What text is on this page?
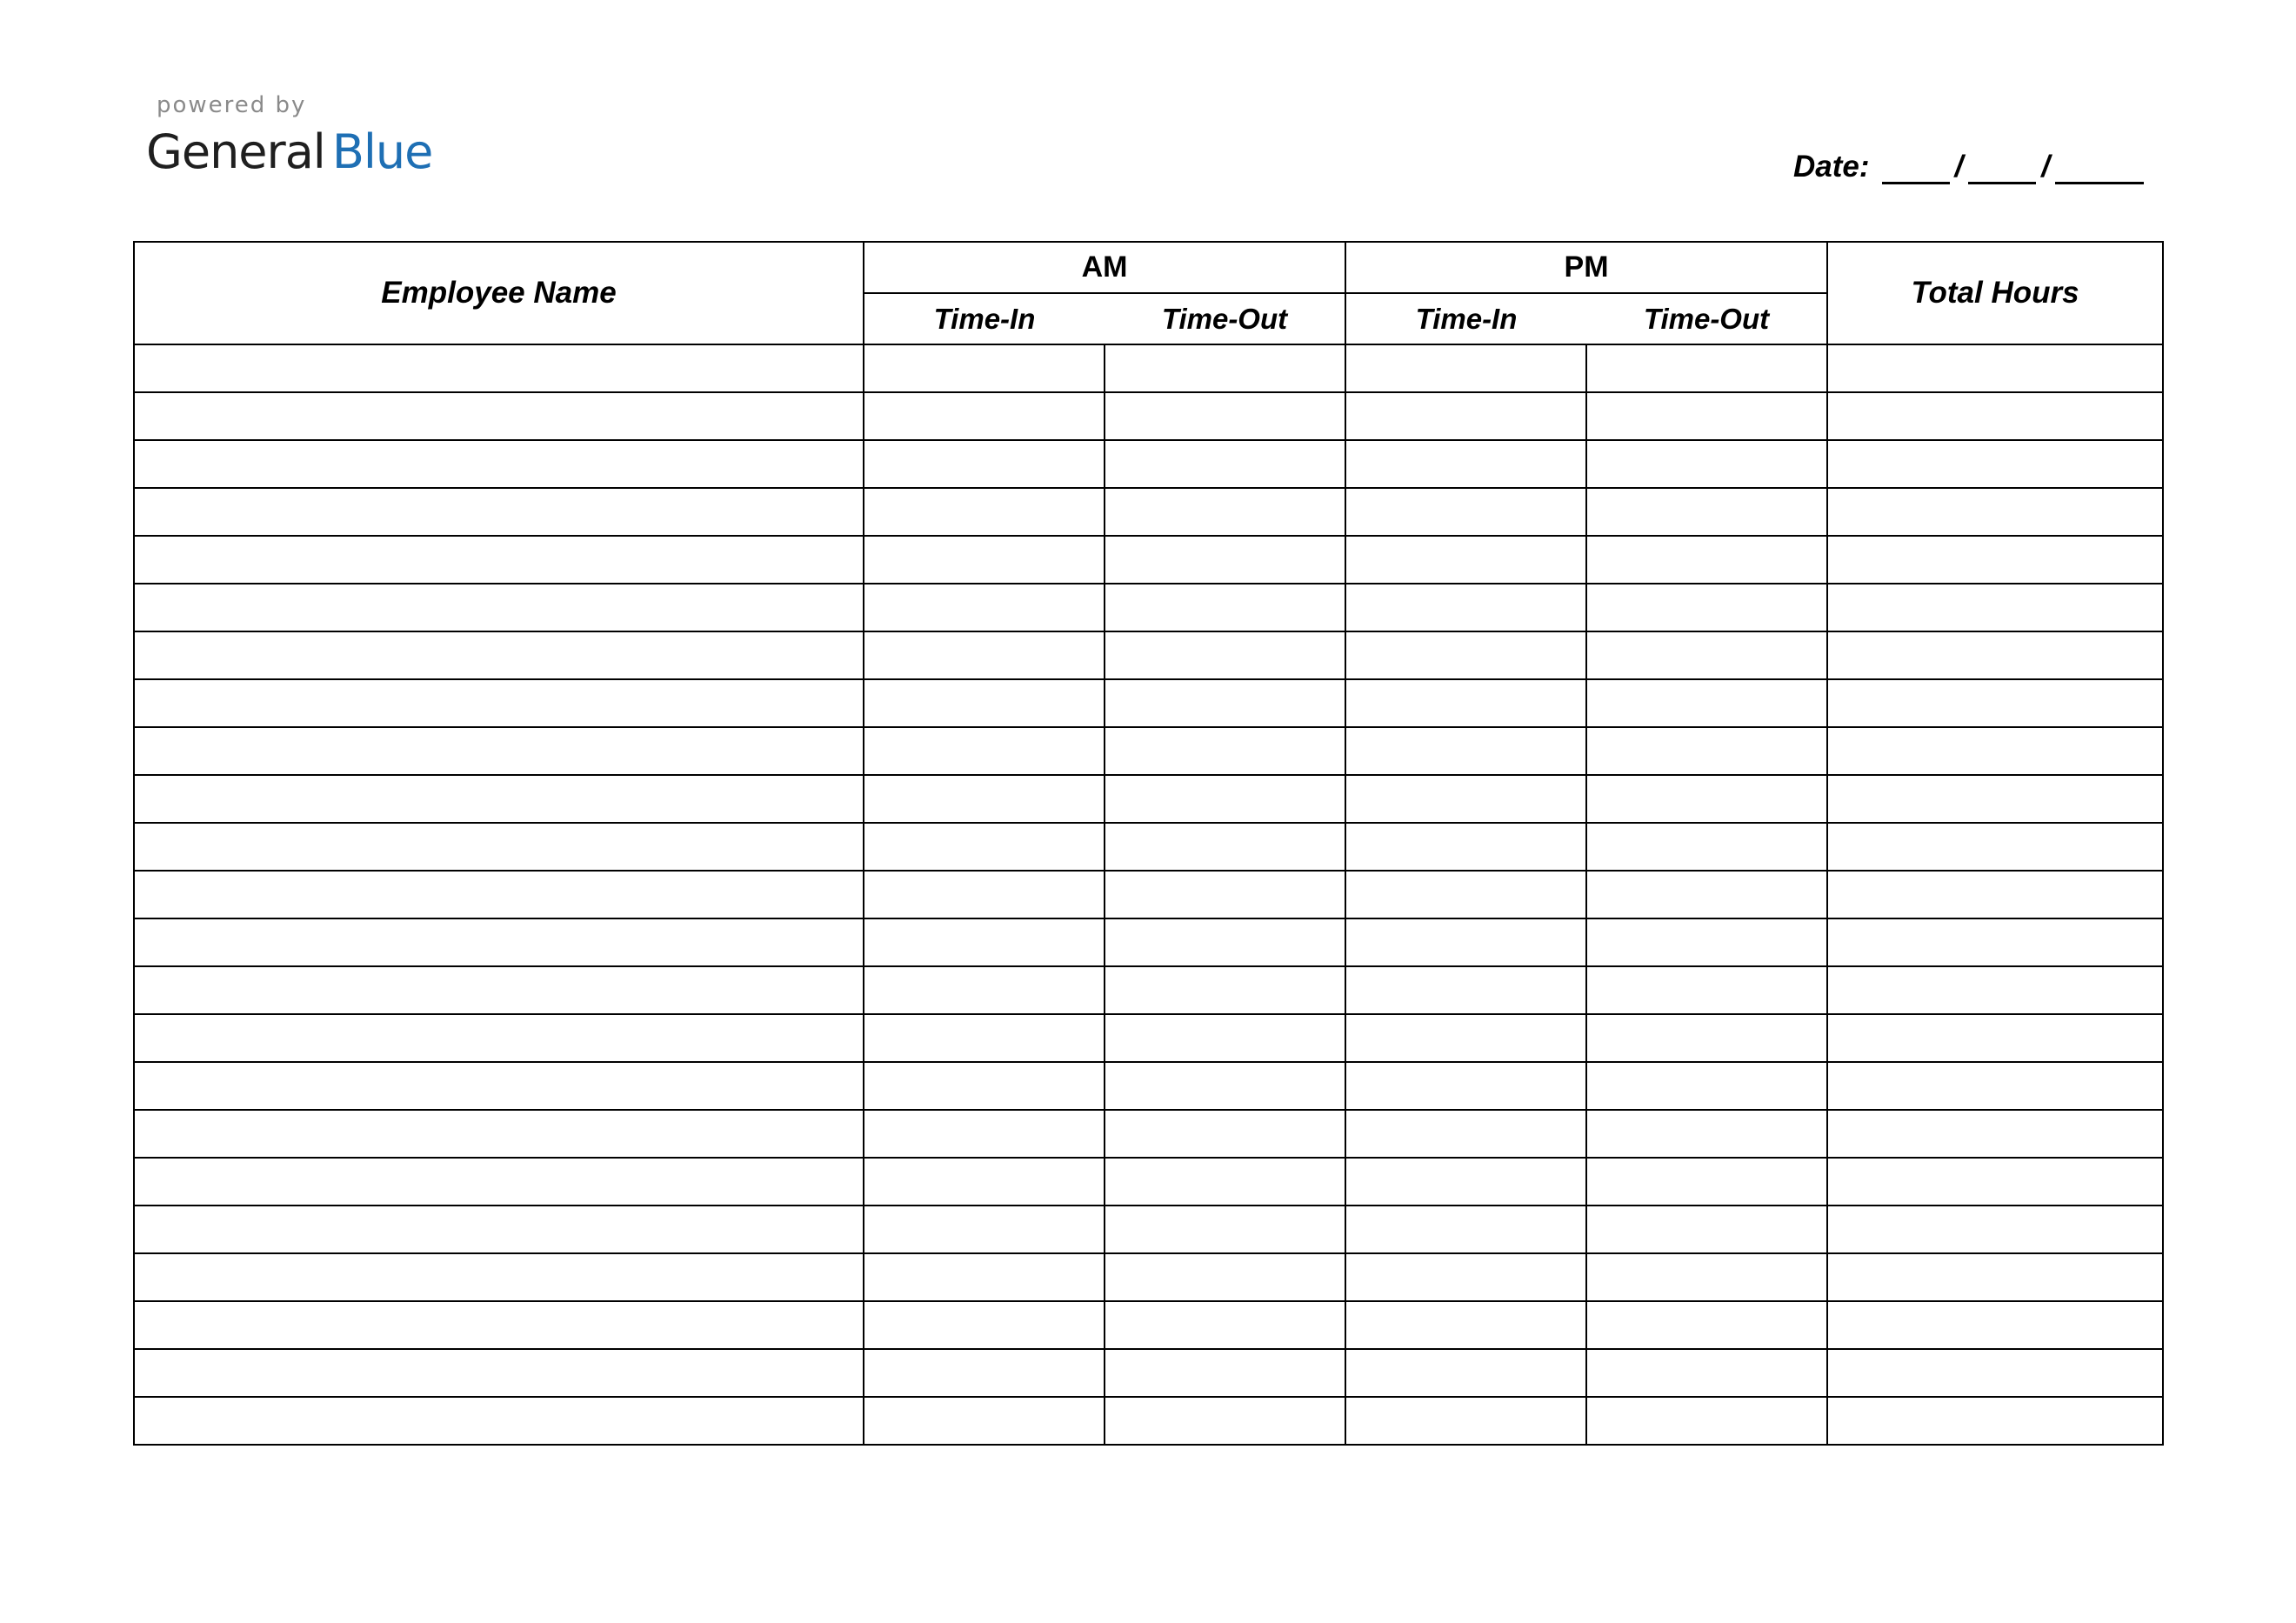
powered by
General Blue	Date:	/	/
Employee Name	AM		PM		Total Hours
	Time-In	Time-Out	Time-In	Time-Out	
